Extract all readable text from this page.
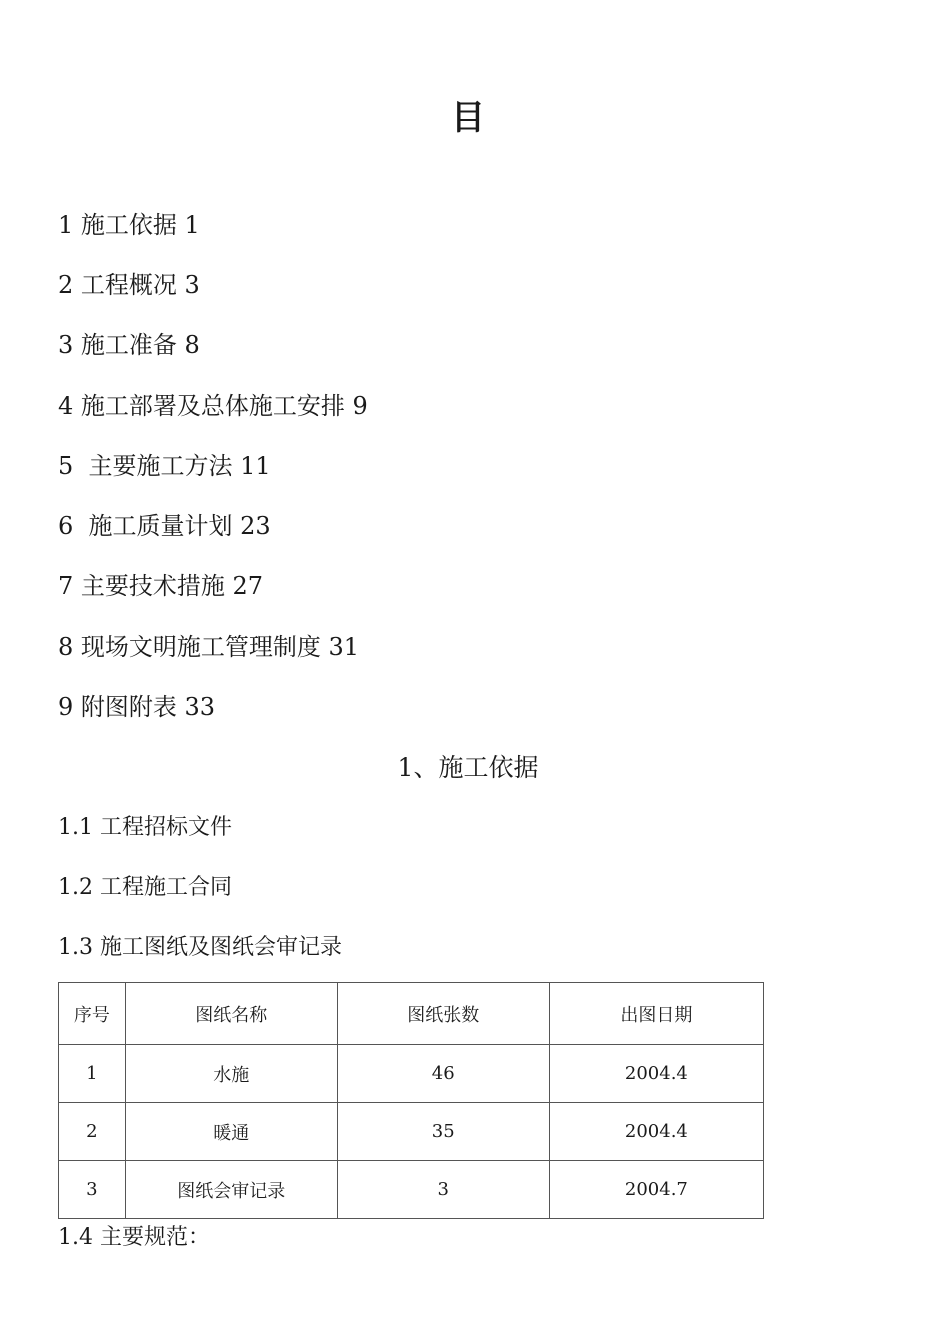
目
1 施工依据 1
2 工程概况 3
3 施工准备 8
4 施工部署及总体施工安排 9
5  主要施工方法 11
6  施工质量计划 23
7 主要技术措施 27
8 现场文明施工管理制度 31
9 附图附表 33
1、施工依据
1.1 工程招标文件
1.2 工程施工合同
1.3 施工图纸及图纸会审记录
序号	图纸名称	图纸张数	出图日期
1	水施	46	2004.4
2	暖通	35	2004.4
3	图纸会审记录	3	2004.7
1.4 主要规范：
